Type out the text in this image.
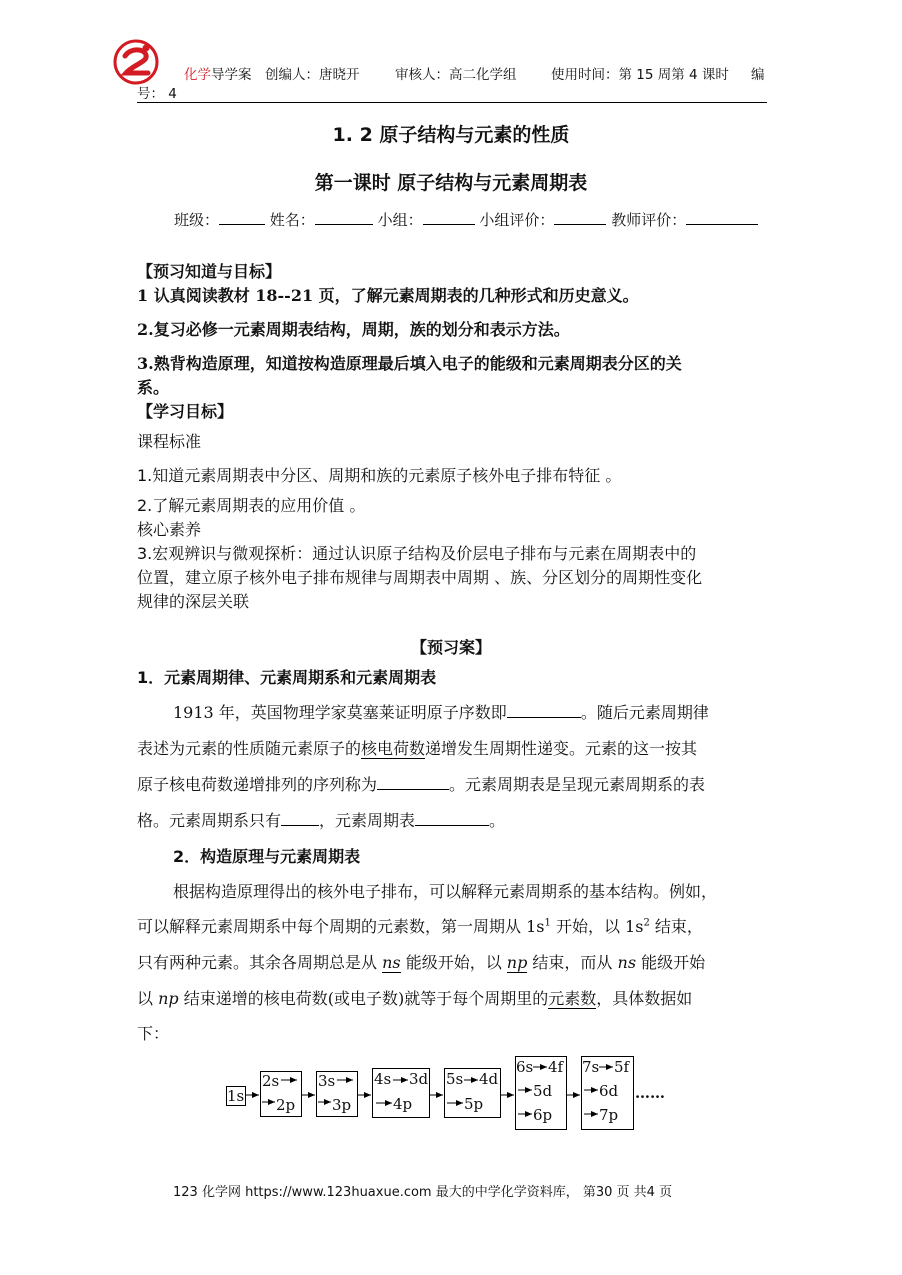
化学导学案 创编人：唐晓开	审核人：高二化学组	使用时间：第 15 周第 4 课时 编
号： 4
1. 2 原子结构与元素的性质
第一课时 原子结构与元素周期表
班级：	姓名：	小组：	小组评价：	教师评价：
【预习知道与目标】
1 认真阅读教材 18--21 页，了解元素周期表的几种形式和历史意义。
2.复习必修一元素周期表结构，周期，族的划分和表示方法。
3.熟背构造原理，知道按构造原理最后填入电子的能级和元素周期表分区的关
系。
【学习目标】
课程标准
1.知道元素周期表中分区、周期和族的元素原子核外电子排布特征 。
2.了解元素周期表的应用价值 。
核心素养
3.宏观辨识与微观探析：通过认识原子结构及价层电子排布与元素在周期表中的
位置，建立原子核外电子排布规律与周期表中周期 、族、分区划分的周期性变化
规律的深层关联
【预习案】
1．元素周期律、元素周期系和元素周期表
1913 年，英国物理学家莫塞莱证明原子序数即	。随后元素周期律
表述为元素的性质随元素原子的核电荷数递增发生周期性递变。元素的这一按其
原子核电荷数递增排列的序列称为	。元素周期表是呈现元素周期系的表
格。元素周期系只有 ，元素周期表	。
2．构造原理与元素周期表
根据构造原理得出的核外电子排布，可以解释元素周期系的基本结构。例如，
可以解释元素周期系中每个周期的元素数，第一周期从 $1s^1$ 开始，以 $1s^2$ 结束，
只有两种元素。其余各周期总是从 ns 能级开始，以 np 结束，而从 ns 能级开始
以 np 结束递增的核电荷数(或电子数)就等于每个周期里的元素数，具体数据如
下：
1s
2s
2p
3s
3p
4s 3d
4p
5s 4d
5p
6s 4f
5d
6p
7s 5f
6d
7p
……
123 化学网 https://www.123huaxue.com 最大的中学化学资料库， 第30 页 共4 页
